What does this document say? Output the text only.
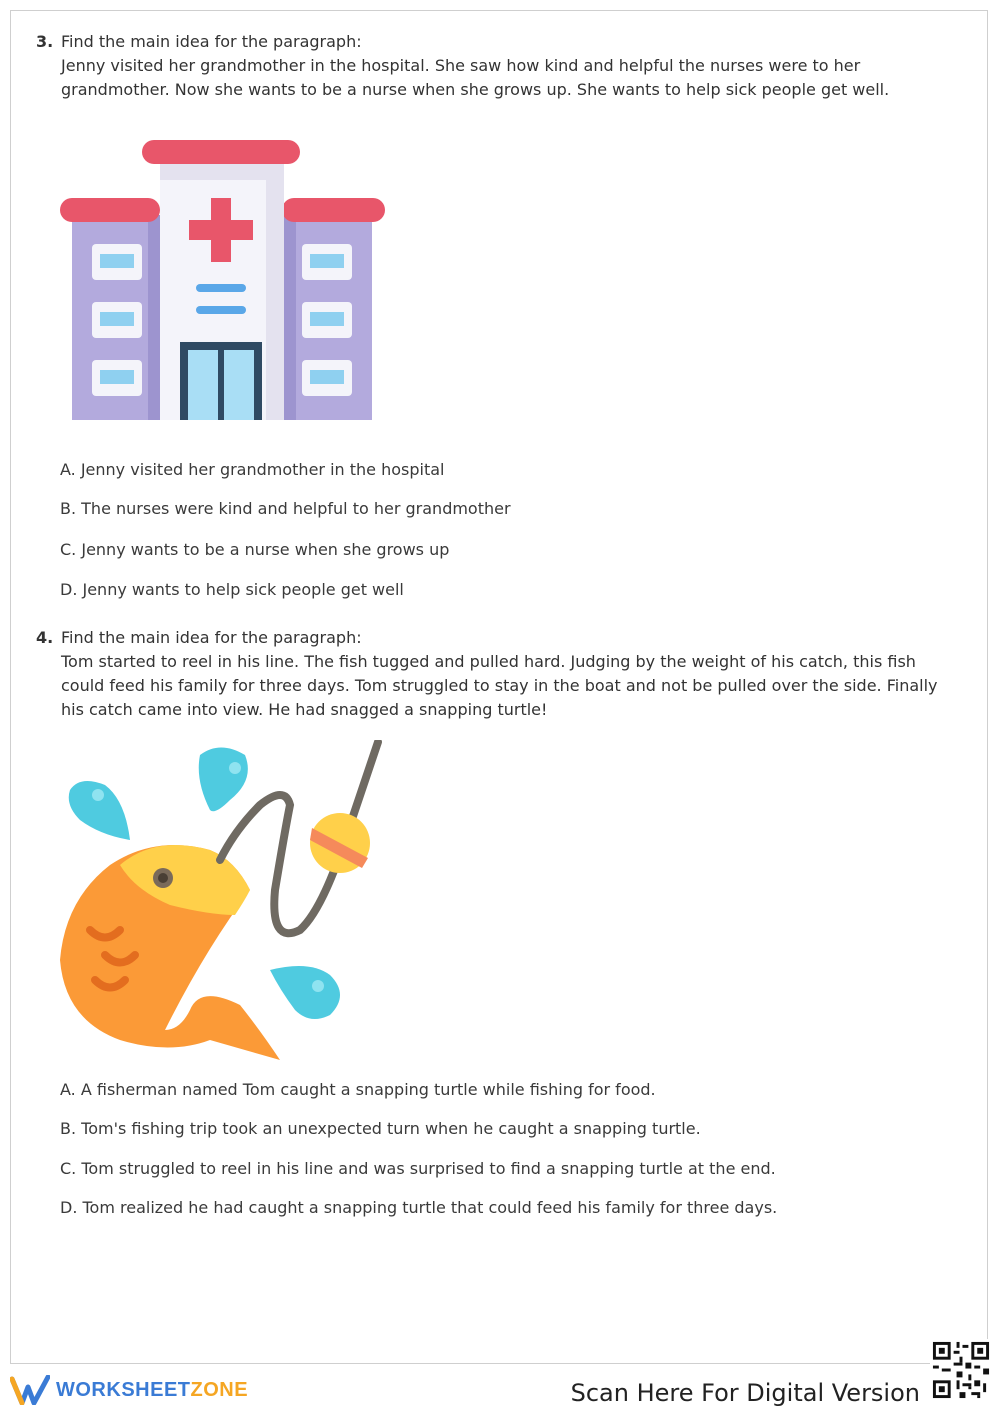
3. Find the main idea for the paragraph:
Jenny visited her grandmother in the hospital. She saw how kind and helpful the nurses were to her grandmother. Now she wants to be a nurse when she grows up. She wants to help sick people get well.
A. Jenny visited her grandmother in the hospital
B. The nurses were kind and helpful to her grandmother
C. Jenny wants to be a nurse when she grows up
D. Jenny wants to help sick people get well
4. Find the main idea for the paragraph:
Tom started to reel in his line. The fish tugged and pulled hard. Judging by the weight of his catch, this fish could feed his family for three days. Tom struggled to stay in the boat and not be pulled over the side. Finally his catch came into view. He had snagged a snapping turtle!
A. A fisherman named Tom caught a snapping turtle while fishing for food.
B. Tom's fishing trip took an unexpected turn when he caught a snapping turtle.
C. Tom struggled to reel in his line and was surprised to find a snapping turtle at the end.
D. Tom realized he had caught a snapping turtle that could feed his family for three days.
WORKSHEETZONE	Scan Here For Digital Version
